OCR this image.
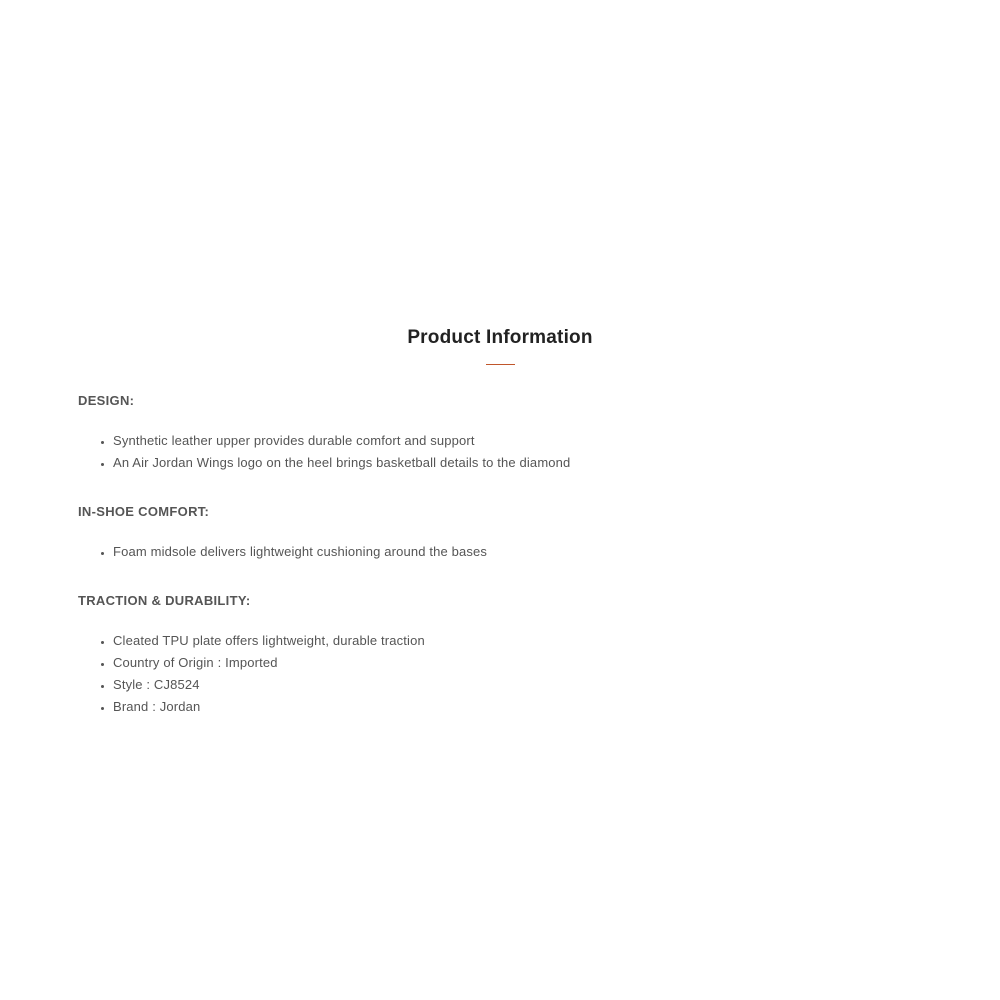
Product Information
DESIGN:
• Synthetic leather upper provides durable comfort and support
• An Air Jordan Wings logo on the heel brings basketball details to the diamond
IN-SHOE COMFORT:
• Foam midsole delivers lightweight cushioning around the bases
TRACTION & DURABILITY:
• Cleated TPU plate offers lightweight, durable traction
• Country of Origin : Imported
• Style : CJ8524
• Brand : Jordan
